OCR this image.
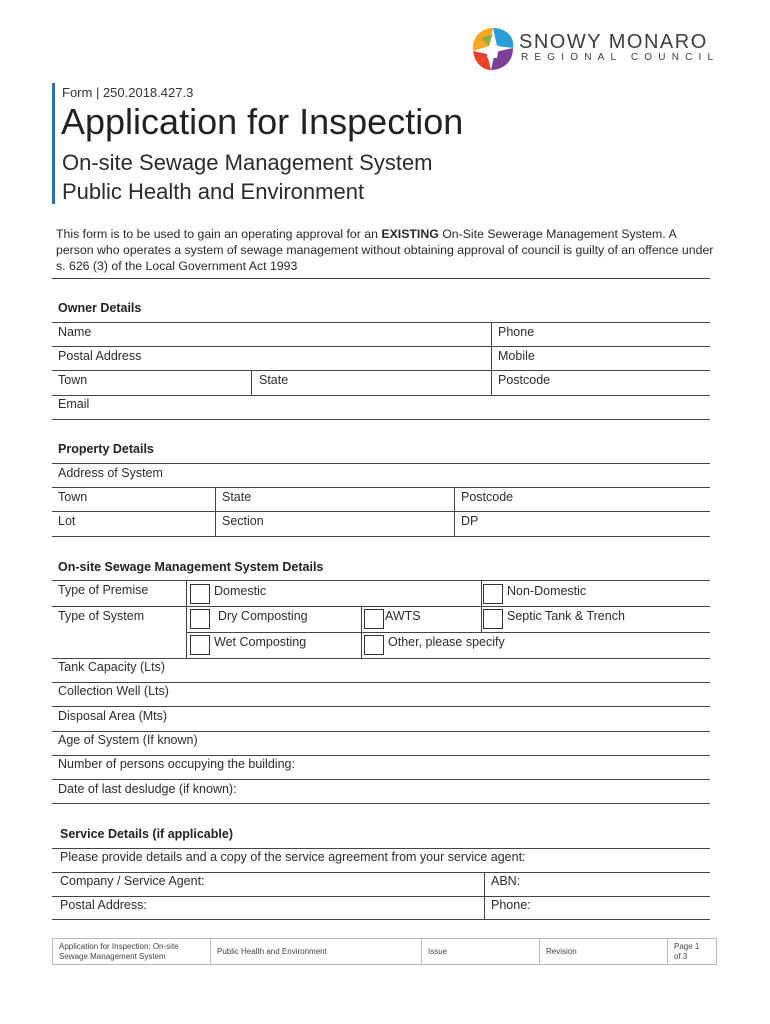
SNOWY MONARO
REGIONAL COUNCIL
Form | 250.2018.427.3
Application for Inspection
On-site Sewage Management System
Public Health and Environment
This form is to be used to gain an operating approval for an EXISTING On-Site Sewerage Management System. A person who operates a system of sewage management without obtaining approval of council is guilty of an offence under s. 626 (3) of the Local Government Act 1993
Owner Details
Name	Phone
Postal Address	Mobile
Town	State	Postcode
Email
Property Details
Address of System
Town	State	Postcode
Lot	Section	DP
On-site Sewage Management System Details
Type of Premise	Domestic	Non-Domestic
Type of System	Dry Composting	AWTS	Septic Tank & Trench
Wet Composting	Other, please specify
Tank Capacity (Lts)
Collection Well (Lts)
Disposal Area (Mts)
Age of System (If known)
Number of persons occupying the building:
Date of last desludge (if known):
Service Details (if applicable)
Please provide details and a copy of the service agreement from your service agent:
Company / Service Agent:	ABN:
Postal Address:	Phone:
Application for Inspection: On-site
Sewage Management System
Public Health and Environment	Issue	Revision
Page 1 of 3
